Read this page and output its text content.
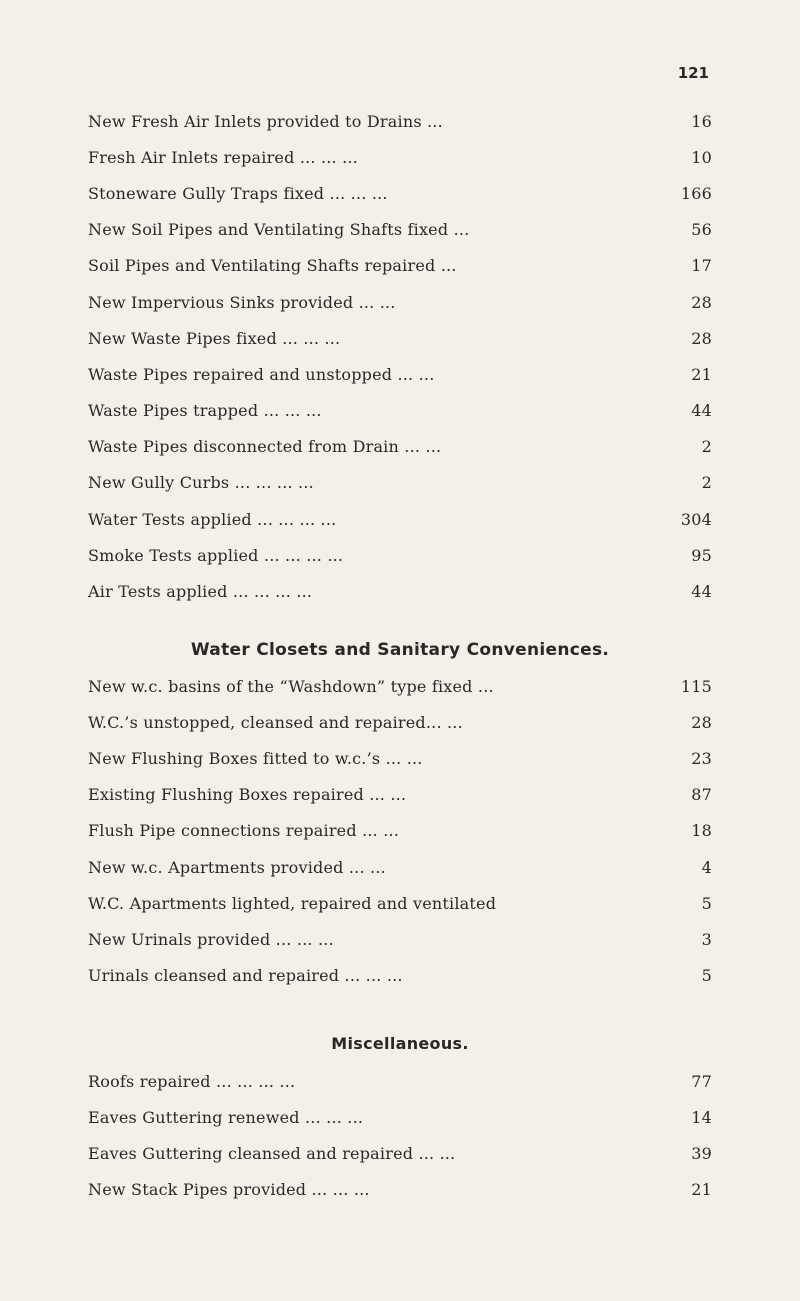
121
New Fresh Air Inlets provided to Drains ...	16
Fresh Air Inlets repaired ... ... ...	10
Stoneware Gully Traps fixed ... ... ...	166
New Soil Pipes and Ventilating Shafts fixed ...	56
Soil Pipes and Ventilating Shafts repaired ...	17
New Impervious Sinks provided ... ...	28
New Waste Pipes fixed ... ... ...	28
Waste Pipes repaired and unstopped ... ...	21
Waste Pipes trapped ... ... ...	44
Waste Pipes disconnected from Drain ... ...	2
New Gully Curbs ... ... ... ...	2
Water Tests applied ... ... ... ...	304
Smoke Tests applied ... ... ... ...	95
Air Tests applied ... ... ... ...	44
Water Closets and Sanitary Conveniences.
New w.c. basins of the “Washdown” type fixed ...	115
W.C.’s unstopped, cleansed and repaired... ...	28
New Flushing Boxes fitted to w.c.’s ... ...	23
Existing Flushing Boxes repaired ... ...	87
Flush Pipe connections repaired ... ...	18
New w.c. Apartments provided ... ...	4
W.C. Apartments lighted, repaired and ventilated	5
New Urinals provided ... ... ...	3
Urinals cleansed and repaired ... ... ...	5
Miscellaneous.
Roofs repaired ... ... ... ...	77
Eaves Guttering renewed ... ... ...	14
Eaves Guttering cleansed and repaired ... ...	39
New Stack Pipes provided ... ... ...	21
